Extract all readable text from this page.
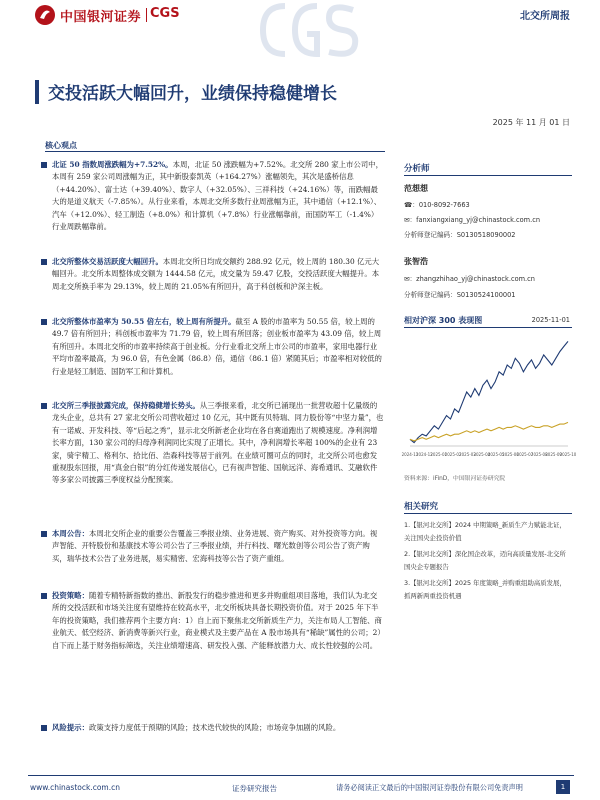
中国银河证券 CGS	北交所周报
交投活跃大幅回升，业绩保持稳健增长
2025 年 11 月 01 日
核心观点
北证 50 指数周涨跌幅为+7.52%。本周，北证 50 涨跌幅为+7.52%。北交所 280 家上市公司中，本周有 259 家公司周涨幅为正，其中新股泰凯英（+164.27%）涨幅领先，其次是盛桥信息（+44.20%）、富士达（+39.40%）、数字人（+32.05%）、三祥科技（+24.16%）等，而跌幅最大的是道义航天（-7.85%）。从行业来看，本周北交所多数行业周涨幅为正，其中通信（+12.1%）、汽车（+12.0%）、轻工制造（+8.0%）和计算机（+7.8%）行业涨幅靠前，而国防军工（-1.4%）行业周跌幅靠前。
北交所整体交易活跃度大幅回升。本周北交所日均成交额约 288.92 亿元，较上周的 180.30 亿元大幅回升。北交所本周整体成交额为 1444.58 亿元，成交量为 59.47 亿股，交投活跃度大幅提升。本周北交所换手率为 29.13%，较上周的 21.05%有所回升，高于科创板和沪深主板。
北交所整体市盈率为 50.55 倍左右，较上周有所提升。截至 A 股的市盈率为 50.55 倍，较上周的 49.7 倍有所回升；科创板市盈率为 71.79 倍，较上周有所回落；创业板市盈率为 43.09 倍，较上周有所回升。本周北交所的市盈率持续高于创业板。分行业看北交所上市公司的市盈率，家用电器行业平均市盈率最高，为 96.0 倍，有色金属（86.8）倍，通信（86.1 倍）紧随其后；市盈率相对较低的行业是轻工制造、国防军工和计算机。
北交所三季报披露完成，保持稳健增长势头。从三季报来看，北交所已涌现出一批营收超十亿量级的龙头企业，总共有 27 家北交所公司营收超过 10 亿元，其中既有贝特瑞、同力股份等“中坚力量”，也有一诺威、开发科技、等“后起之秀”，显示北交所新老企业均在各自赛道跑出了规模速度。净利润增长率方面，130 家公司的归母净利润同比实现了正增长。其中，净利润增长率超 100%的企业有 23 家，骑宇精工、格利尔、拾比佰、浩森科技等居于前列。在业绩可圈可点的同时，北交所公司也愈发重视股东回报，用“真金白银”的分红传递发展信心，已有视声智能、国航远洋、海希通讯、艾融软件等多家公司披露三季度权益分配预案。
本周公告：本周北交所企业的重要公告覆盖三季报业绩、业务进展、资产购买、对外投资等方向。视声智能、开特股份和基康技术等公司公告了三季报业绩，并行科技、曙光数创等公司公告了资产购买，瑞华技术公告了业务进展，易实精密、宏海科技等公告了资产重组。
投资策略：随着专精特新指数的推出、新股发行的稳步推进和更多并购重组项目落地，我们认为北交所的交投活跃和市场关注度有望维持在较高水平，北交所板块具备长期投资价值。对于 2025 年下半年的投资策略，我们推荐两个主要方向：1）自上而下聚焦北交所新质生产力，关注布局人工智能、商业航天、低空经济、新消费等新兴行业，商业模式及主要产品在 A 股市场具有“稀缺”属性的公司；2）自下而上基于财务指标筛选，关注业绩增速高、研发投入强、产能释放潜力大、成长性较强的公司。
风险提示：政策支持力度低于预期的风险；技术迭代较快的风险；市场竞争加剧的风险。
分析师
范想想
☎：010-8092-7663
✉：fanxiangxiang_yj@chinastock.com.cn
分析师登记编码：S0130518090002
张智浩
✉：zhangzhihao_yj@chinastock.com.cn
分析师登记编码：S0130524100001
相对沪深 300 表现图	2025-11-01
2024-11
2024-12
2025-01
2025-02
2025-03
2025-04
2025-05
2025-06
2025-07
2025-08
2025-09
2025-10
资料来源：iFinD，中国银河证券研究院
相关研究
1.【银河北交所】2024 中期策略_新质生产力赋能北证，关注国央企投资价值
2.【银河北交所】深化国企改革，迈向高质量发展-北交所国央企专题报告
3.【银河北交所】2025 年度策略_并购重组助高质发展，抓两新两重投资机遇
www.chinastock.com.cn	证券研究报告	请务必阅读正文最后的中国银河证券股份有限公司免责声明	1
